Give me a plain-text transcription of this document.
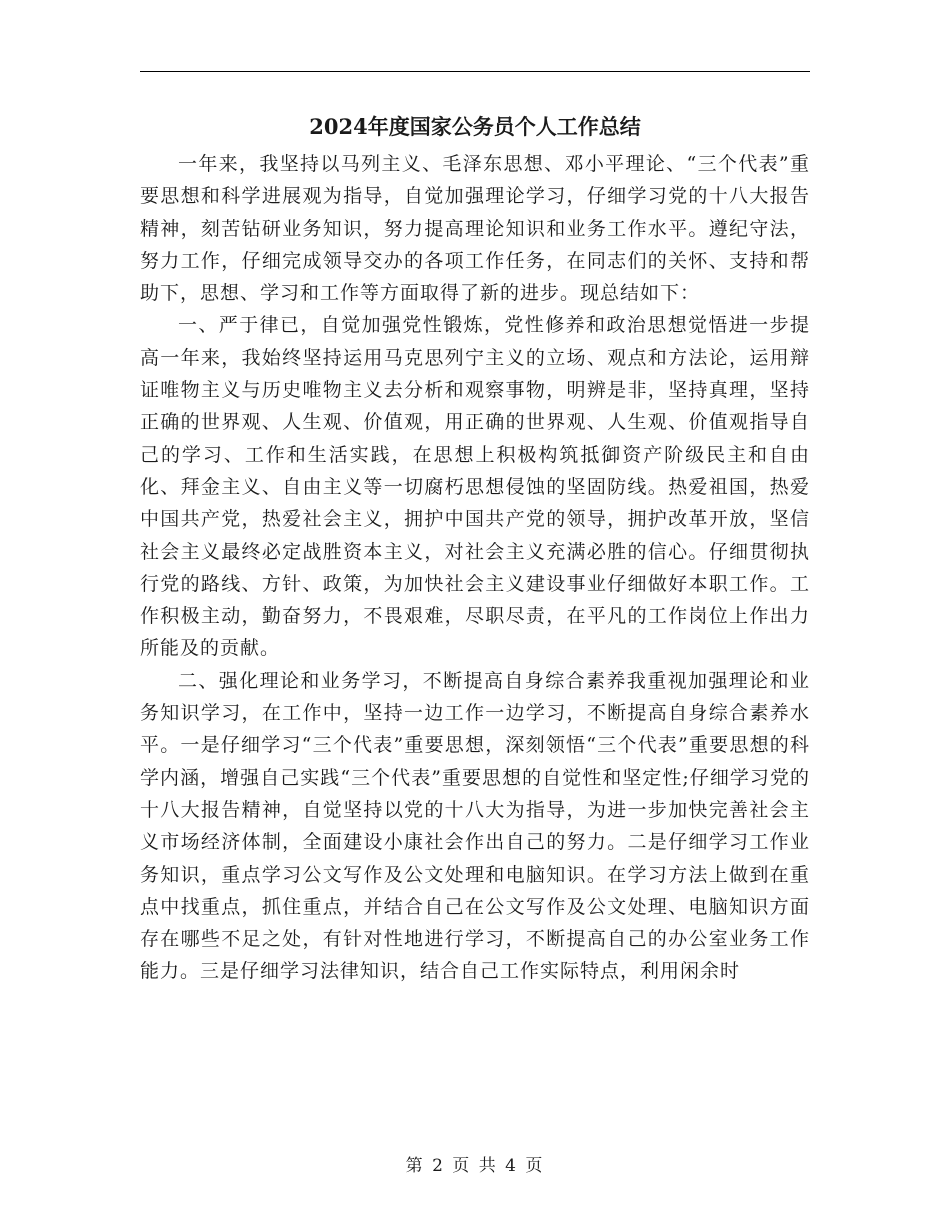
2024年度国家公务员个人工作总结

一年来，我坚持以马列主义、毛泽东思想、邓小平理论、“三个代表”重要思想和科学进展观为指导，自觉加强理论学习，仔细学习党的十八大报告精神，刻苦钻研业务知识，努力提高理论知识和业务工作水平。遵纪守法，努力工作，仔细完成领导交办的各项工作任务，在同志们的关怀、支持和帮助下，思想、学习和工作等方面取得了新的进步。现总结如下：

一、严于律已，自觉加强党性锻炼，党性修养和政治思想觉悟进一步提高一年来，我始终坚持运用马克思列宁主义的立场、观点和方法论，运用辩证唯物主义与历史唯物主义去分析和观察事物，明辨是非，坚持真理，坚持正确的世界观、人生观、价值观，用正确的世界观、人生观、价值观指导自己的学习、工作和生活实践，在思想上积极构筑抵御资产阶级民主和自由化、拜金主义、自由主义等一切腐朽思想侵蚀的坚固防线。热爱祖国，热爱中国共产党，热爱社会主义，拥护中国共产党的领导，拥护改革开放，坚信社会主义最终必定战胜资本主义，对社会主义充满必胜的信心。仔细贯彻执行党的路线、方针、政策，为加快社会主义建设事业仔细做好本职工作。工作积极主动，勤奋努力，不畏艰难，尽职尽责，在平凡的工作岗位上作出力所能及的贡献。

二、强化理论和业务学习，不断提高自身综合素养我重视加强理论和业务知识学习，在工作中，坚持一边工作一边学习，不断提高自身综合素养水平。一是仔细学习“三个代表”重要思想，深刻领悟“三个代表”重要思想的科学内涵，增强自己实践“三个代表”重要思想的自觉性和坚定性;仔细学习党的十八大报告精神，自觉坚持以党的十八大为指导，为进一步加快完善社会主义市场经济体制，全面建设小康社会作出自己的努力。二是仔细学习工作业务知识，重点学习公文写作及公文处理和电脑知识。在学习方法上做到在重点中找重点，抓住重点，并结合自己在公文写作及公文处理、电脑知识方面存在哪些不足之处，有针对性地进行学习，不断提高自己的办公室业务工作能力。三是仔细学习法律知识，结合自己工作实际特点，利用闲余时

第 2 页 共 4 页
